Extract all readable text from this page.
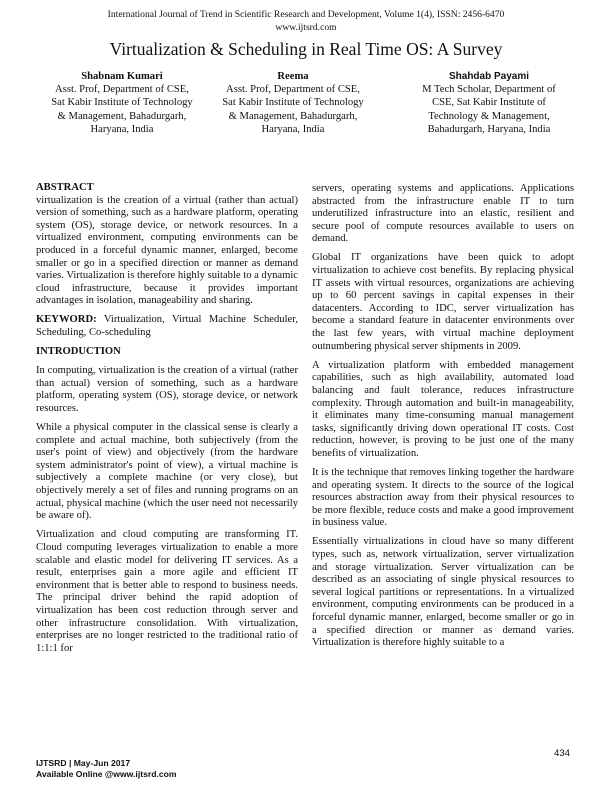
International Journal of Trend in Scientific Research and Development, Volume 1(4), ISSN: 2456-6470
www.ijtsrd.com
Virtualization & Scheduling in Real Time OS: A Survey
Shabnam Kumari
Asst. Prof, Department of CSE,
Sat Kabir Institute of Technology
& Management, Bahadurgarh,
Haryana, India
Reema
Asst. Prof, Department of CSE,
Sat Kabir Institute of Technology
& Management, Bahadurgarh,
Haryana, India
Shahdab Payami
M Tech Scholar, Department of
CSE, Sat Kabir Institute of
Technology & Management,
Bahadurgarh, Haryana, India
ABSTRACT

virtualization is the creation of a virtual (rather than actual) version of something, such as a hardware platform, operating system (OS), storage device, or network resources. In a virtualized environment, computing environments can be produced in a forceful dynamic manner, enlarged, become smaller or go in a specified direction or manner as demand varies. Virtualization is therefore highly suitable to a dynamic cloud infrastructure, because it provides important advantages in isolation, manageability and sharing.

KEYWORD: Virtualization, Virtual Machine Scheduler, Scheduling, Co-scheduling

INTRODUCTION

In computing, virtualization is the creation of a virtual (rather than actual) version of something, such as a hardware platform, operating system (OS), storage device, or network resources.

While a physical computer in the classical sense is clearly a complete and actual machine, both subjectively (from the user's point of view) and objectively (from the hardware system administrator's point of view), a virtual machine is subjectively a complete machine (or very close), but objectively merely a set of files and running programs on an actual, physical machine (which the user need not necessarily be aware of).

Virtualization and cloud computing are transforming IT. Cloud computing leverages virtualization to enable a more scalable and elastic model for delivering IT services. As a result, enterprises gain a more agile and efficient IT environment that is better able to respond to business needs. The principal driver behind the rapid adoption of virtualization has been cost reduction through server and other infrastructure consolidation. With virtualization, enterprises are no longer restricted to the traditional ratio of 1:1:1 for

servers, operating systems and applications. Applications abstracted from the infrastructure enable IT to turn underutilized infrastructure into an elastic, resilient and secure pool of compute resources available to users on demand.

Global IT organizations have been quick to adopt virtualization to achieve cost benefits. By replacing physical IT assets with virtual resources, organizations are achieving up to 60 percent savings in capital expenses in their datacenters. According to IDC, server virtualization has become a standard feature in datacenter environments over the last few years, with virtual machine deployment outnumbering physical server shipments in 2009.

A virtualization platform with embedded management capabilities, such as high availability, automated load balancing and fault tolerance, reduces infrastructure complexity. Through automation and built-in manageability, it eliminates many time-consuming manual management tasks, significantly driving down operational IT costs. Cost reduction, however, is proving to be just one of the many benefits of virtualization.

It is the technique that removes linking together the hardware and operating system. It directs to the source of the logical resources abstraction away from their physical resources to be more flexible, reduce costs and make a good improvement in business value.

Essentially virtualizations in cloud have so many different types, such as, network virtualization, server virtualization and storage virtualization. Server virtualization can be described as an associating of single physical resources to several logical partitions or representations. In a virtualized environment, computing environments can be produced in a forceful dynamic manner, enlarged, become smaller or go in a specified direction or manner as demand varies. Virtualization is therefore highly suitable to a

434
IJTSRD | May-Jun 2017
Available Online @www.ijtsrd.com
